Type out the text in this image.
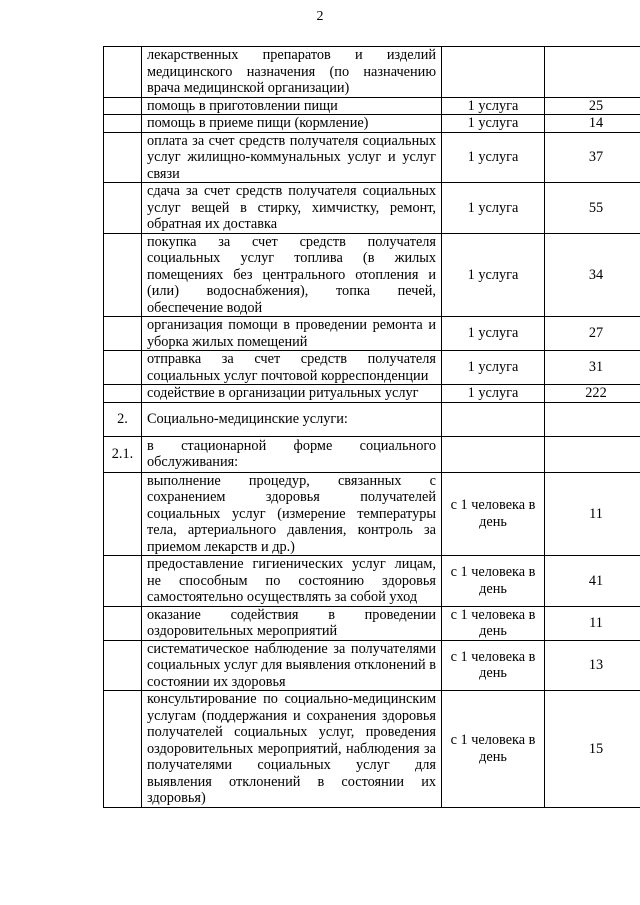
2
	лекарственных препаратов и изделий медицинского назначения (по назначению врача медицинской организации)		
	помощь в приготовлении пищи	1 услуга	25
	помощь в приеме пищи (кормление)	1 услуга	14
	оплата за счет средств получателя социальных услуг жилищно-коммунальных услуг и услуг связи	1 услуга	37
	сдача за счет средств получателя социальных услуг вещей в стирку, химчистку, ремонт, обратная их доставка	1 услуга	55
	покупка за счет средств получателя социальных услуг топлива (в жилых помещениях без центрального отопления и (или) водоснабжения), топка печей, обеспечение водой	1 услуга	34
	организация помощи в проведении ремонта и уборка жилых помещений	1 услуга	27
	отправка за счет средств получателя социальных услуг почтовой корреспонденции	1 услуга	31
	содействие в организации ритуальных услуг	1 услуга	222
2.	Социально-медицинские услуги:		
2.1.	в стационарной форме социального обслуживания:		
	выполнение процедур, связанных с сохранением здоровья получателей социальных услуг (измерение температуры тела, артериального давления, контроль за приемом лекарств и др.)	с 1 человека в день	11
	предоставление гигиенических услуг лицам, не способным по состоянию здоровья самостоятельно осуществлять за собой уход	с 1 человека в день	41
	оказание содействия в проведении оздоровительных мероприятий	с 1 человека в день	11
	систематическое наблюдение за получателями социальных услуг для выявления отклонений в состоянии их здоровья	с 1 человека в день	13
	консультирование по социально-медицинским услугам (поддержания и сохранения здоровья получателей социальных услуг, проведения оздоровительных мероприятий, наблюдения за получателями социальных услуг для выявления отклонений в состоянии их здоровья)	с 1 человека в день	15
